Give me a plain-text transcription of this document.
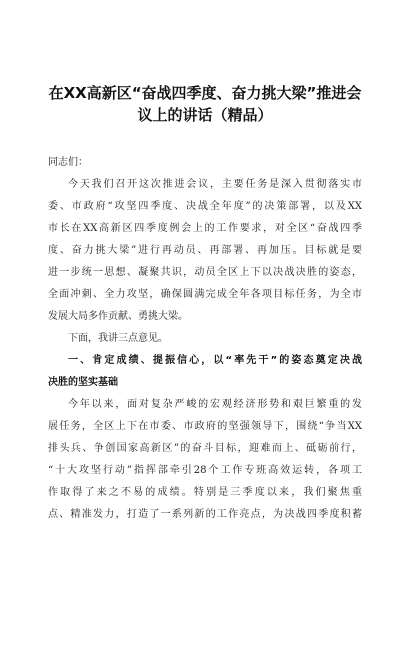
在XX高新区“奋战四季度、奋力挑大梁”推进会
议上的讲话（精品）
同志们：
今天我们召开这次推进会议，主要任务是深入贯彻落实市
委、市政府“攻坚四季度、决战全年度”的决策部署，以及XX
市长在XX高新区四季度例会上的工作要求，对全区“奋战四季
度、奋力挑大梁”进行再动员、再部署、再加压。目标就是要
进一步统一思想、凝聚共识，动员全区上下以决战决胜的姿态，
全面冲刺、全力攻坚，确保圆满完成全年各项目标任务，为全市
发展大局多作贡献、勇挑大梁。
下面，我讲三点意见。
一、肯定成绩、提振信心，以“率先干”的姿态奠定决战
决胜的坚实基础
今年以来，面对复杂严峻的宏观经济形势和艰巨繁重的发
展任务，全区上下在市委、市政府的坚强领导下，围绕“争当XX
排头兵、争创国家高新区”的奋斗目标，迎难而上、砥砺前行，
“十大攻坚行动”指挥部牵引28个工作专班高效运转，各项工
作取得了来之不易的成绩。特别是三季度以来，我们聚焦重
点、精准发力，打造了一系列新的工作亮点，为决战四季度积蓄
